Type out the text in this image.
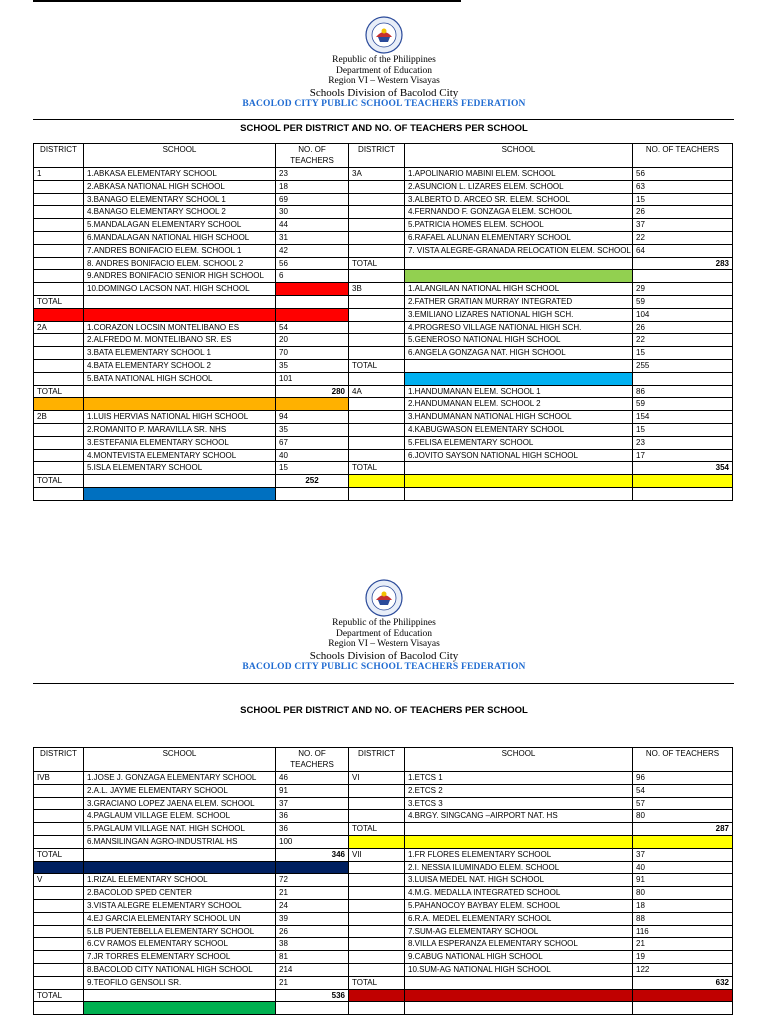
Republic of the Philippines

Department of Education

Region VI – Western Visayas

Schools Division of Bacolod City

BACOLOD CITY PUBLIC SCHOOL TEACHERS FEDERATION

SCHOOL PER DISTRICT AND NO. OF TEACHERS PER SCHOOL
DISTRICT	SCHOOL	NO. OF TEACHERS	DISTRICT	SCHOOL	NO. OF TEACHERS
1	1.ABKASA ELEMENTARY SCHOOL	23	3A	1.APOLINARIO MABINI ELEM. SCHOOL	56
	2.ABKASA NATIONAL HIGH SCHOOL	18		2.ASUNCION L. LIZARES ELEM. SCHOOL	63
	3.BANAGO ELEMENTARY SCHOOL 1	69		3.ALBERTO D. ARCEO SR. ELEM. SCHOOL	15
	4.BANAGO ELEMENTARY SCHOOL 2	30		4.FERNANDO F. GONZAGA ELEM. SCHOOL	26
	5.MANDALAGAN ELEMENTARY SCHOOL	44		5.PATRICIA HOMES ELEM. SCHOOL	37
	6.MANDALAGAN NATIONAL HIGH SCHOOL	31		6.RAFAEL ALUNAN ELEMENTARY SCHOOL	22
	7.ANDRES BONIFACIO ELEM. SCHOOL 1	42		7. VISTA ALEGRE-GRANADA RELOCATION ELEM. SCHOOL	64
	8. ANDRES BONIFACIO ELEM. SCHOOL 2	56	TOTAL		283
	9.ANDRES BONIFACIO SENIOR HIGH SCHOOL	6			
	10.DOMINGO LACSON NAT. HIGH SCHOOL		3B	1.ALANGILAN NATIONAL HIGH SCHOOL	29
TOTAL				2.FATHER GRATIAN MURRAY INTEGRATED	59
				3.EMILIANO LIZARES NATIONAL HIGH SCH.	104
2A	1.CORAZON LOCSIN MONTELIBANO ES	54		4.PROGRESO VILLAGE NATIONAL HIGH SCH.	26
	2.ALFREDO M. MONTELIBANO SR. ES	20		5.GENEROSO NATIONAL HIGH SCHOOL	22
	3.BATA ELEMENTARY SCHOOL 1	70		6.ANGELA GONZAGA NAT. HIGH SCHOOL	15
	4.BATA ELEMENTARY SCHOOL 2	35	TOTAL		255
	5.BATA NATIONAL HIGH SCHOOL	101			
TOTAL		280	4A	1.HANDUMANAN ELEM. SCHOOL 1	86
				2.HANDUMANAN ELEM. SCHOOL 2	59
2B	1.LUIS HERVIAS NATIONAL HIGH SCHOOL	94		3.HANDUMANAN NATIONAL HIGH SCHOOL	154
	2.ROMANITO P. MARAVILLA SR. NHS	35		4.KABUGWASON ELEMENTARY SCHOOL	15
	3.ESTEFANIA ELEMENTARY SCHOOL	67		5.FELISA ELEMENTARY SCHOOL	23
	4.MONTEVISTA ELEMENTARY SCHOOL	40		6.JOVITO SAYSON NATIONAL HIGH SCHOOL	17
	5.ISLA ELEMENTARY SCHOOL	15	TOTAL		354
TOTAL		252			

Republic of the Philippines

Department of Education

Region VI – Western Visayas

Schools Division of Bacolod City

BACOLOD CITY PUBLIC SCHOOL TEACHERS FEDERATION

SCHOOL PER DISTRICT AND NO. OF TEACHERS PER SCHOOL
DISTRICT	SCHOOL	NO. OF TEACHERS	DISTRICT	SCHOOL	NO. OF TEACHERS
IVB	1.JOSE J. GONZAGA ELEMENTARY SCHOOL	46	VI	1.ETCS 1	96
	2.A.L. JAYME ELEMENTARY SCHOOL	91		2.ETCS 2	54
	3.GRACIANO LOPEZ JAENA ELEM. SCHOOL	37		3.ETCS 3	57
	4.PAGLAUM VILLAGE ELEM. SCHOOL	36		4.BRGY. SINGCANG –AIRPORT NAT. HS	80
	5.PAGLAUM VILLAGE NAT. HIGH SCHOOL	36	TOTAL		287
	6.MANSILINGAN AGRO-INDUSTRIAL HS	100			
TOTAL		346	VII	1.FR FLORES ELEMENTARY SCHOOL	37
				2.I. NESSIA ILUMINADO ELEM. SCHOOL	40
V	1.RIZAL ELEMENTARY SCHOOL	72		3.LUISA MEDEL NAT. HIGH SCHOOL	91
	2.BACOLOD SPED CENTER	21		4.M.G. MEDALLA INTEGRATED SCHOOL	80
	3.VISTA ALEGRE ELEMENTARY SCHOOL	24		5.PAHANOCOY BAYBAY ELEM. SCHOOL	18
	4.EJ GARCIA ELEMENTARY SCHOOL UN	39		6.R.A. MEDEL ELEMENTARY SCHOOL	88
	5.LB PUENTEBELLA ELEMENTARY SCHOOL	26		7.SUM-AG ELEMENTARY SCHOOL	116
	6.CV RAMOS ELEMENTARY SCHOOL	38		8.VILLA ESPERANZA ELEMENTARY SCHOOL	21
	7.JR TORRES ELEMENTARY SCHOOL	81		9.CABUG NATIONAL HIGH SCHOOL	19
	8.BACOLOD CITY NATIONAL HIGH SCHOOL	214		10.SUM-AG NATIONAL HIGH SCHOOL	122
	9.TEOFILO GENSOLI SR.	21	TOTAL		632
TOTAL		536			
